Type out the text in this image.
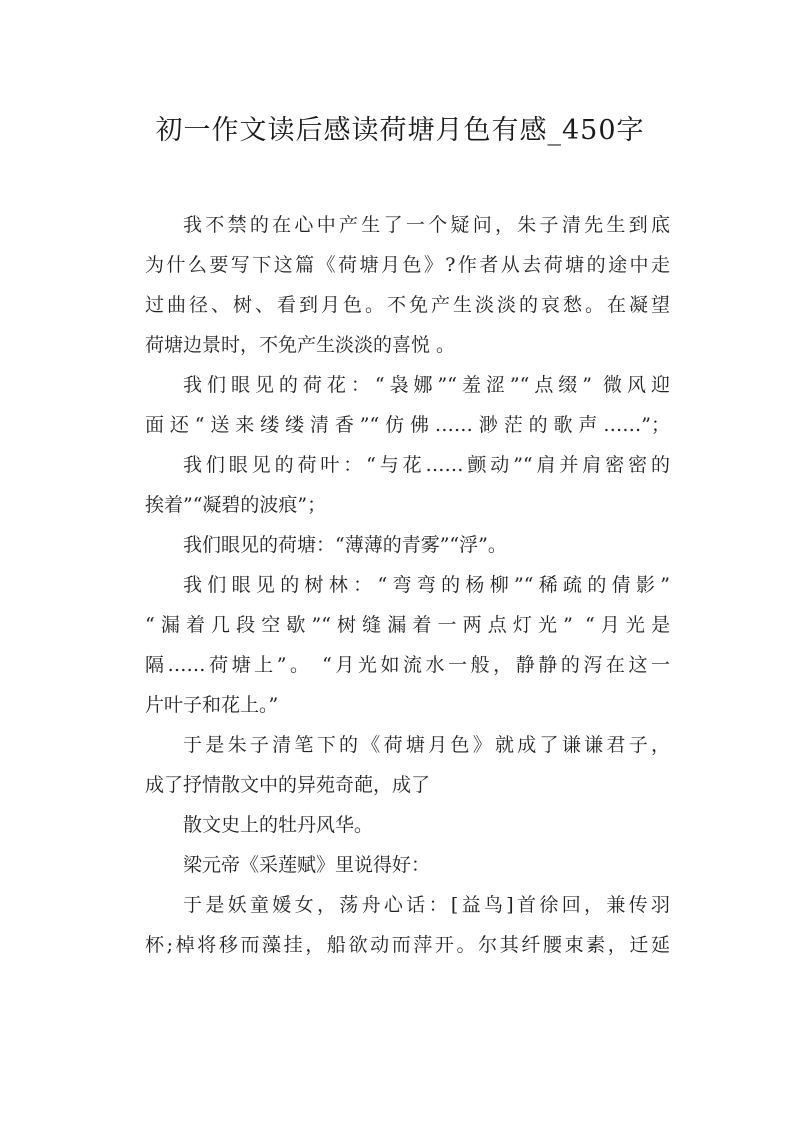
初一作文读后感读荷塘月色有感_450字
我不禁的在心中产生了一个疑问，朱子清先生到底
为什么要写下这篇《荷塘月色》?作者从去荷塘的途中走
过曲径、树、看到月色。不免产生淡淡的哀愁。在凝望
荷塘边景时，不免产生淡淡的喜悦 。
我们眼见的荷花：“袅娜”“羞涩”“点缀” 微风迎
面还“送来缕缕清香”“仿佛……渺茫的歌声……”；
我们眼见的荷叶：“与花……颤动”“肩并肩密密的
挨着”“凝碧的波痕”；
我们眼见的荷塘：“薄薄的青雾”“浮”。
我们眼见的树林：“弯弯的杨柳”“稀疏的倩影”
“漏着几段空歇”“树缝漏着一两点灯光” “月光是
隔……荷塘上”。 “月光如流水一般，静静的泻在这一
片叶子和花上。”
于是朱子清笔下的《荷塘月色》就成了谦谦君子，
成了抒情散文中的异苑奇葩，成了
散文史上的牡丹风华。
梁元帝《采莲赋》里说得好：
于是妖童媛女，荡舟心话：[益鸟]首徐回，兼传羽
杯;棹将移而藻挂，船欲动而萍开。尔其纤腰束素，迁延
